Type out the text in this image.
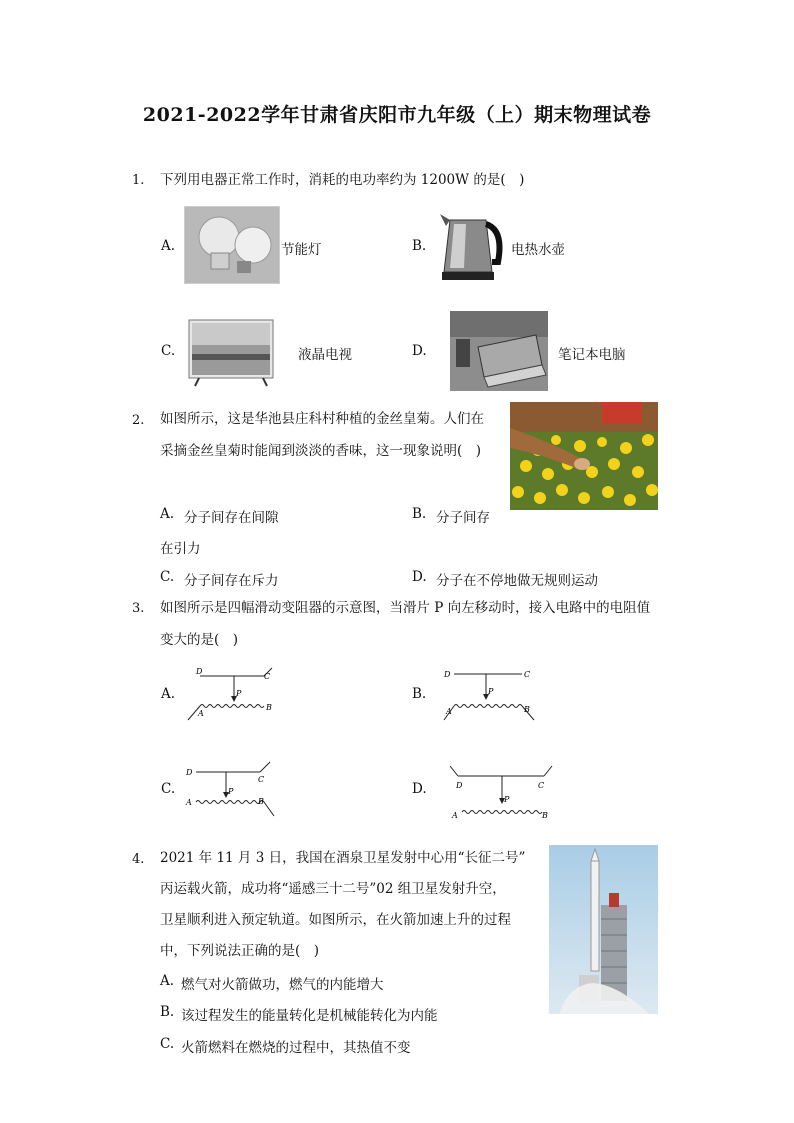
2021-2022学年甘肃省庆阳市九年级（上）期末物理试卷
1. 下列用电器正常工作时，消耗的电功率约为 1200W 的是(　)
A.	节能灯	B.	电热水壶
C.	液晶电视	D.	笔记本电脑
2. 如图所示，这是华池县庄科村种植的金丝皇菊。人们在
采摘金丝皇菊时能闻到淡淡的香味，这一现象说明(　)
A. 分子间存在间隙	B. 分子间存
在引力
C. 分子间存在斥力	D. 分子在不停地做无规则运动
3. 如图所示是四幅滑动变阻器的示意图，当滑片 P 向左移动时，接入电路中的电阻值
变大的是(　)
A.
D
C
P
A
B
B.
D	C
P
A	B
C.
D
C
P
A	B
D.	D	C
P
A	B
4. 2021 年 11 月 3 日，我国在酒泉卫星发射中心用“长征二号”
丙运载火箭，成功将“遥感三十二号”02 组卫星发射升空，
卫星顺利进入预定轨道。如图所示，在火箭加速上升的过程
中，下列说法正确的是(　)
A. 燃气对火箭做功，燃气的内能增大
B. 该过程发生的能量转化是机械能转化为内能
C. 火箭燃料在燃烧的过程中，其热值不变
